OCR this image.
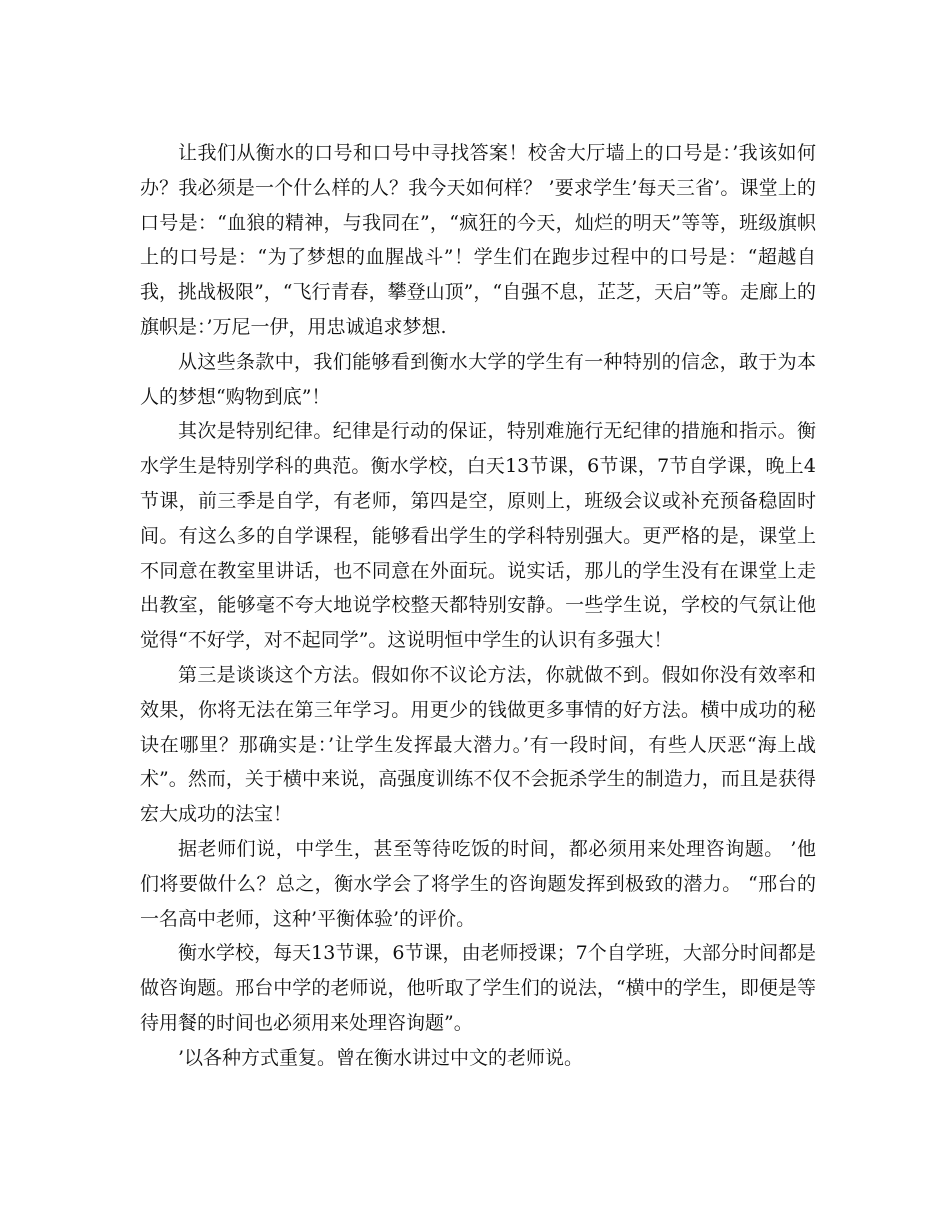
让我们从衡水的口号和口号中寻找答案！校舍大厅墙上的口号是：’我该如何办？我必须是一个什么样的人？我今天如何样？ ’要求学生’每天三省’。课堂上的口号是：“血狼的精神，与我同在”，“疯狂的今天，灿烂的明天”等等，班级旗帜上的口号是：“为了梦想的血腥战斗”！学生们在跑步过程中的口号是：“超越自我，挑战极限”，“飞行青春，攀登山顶”，“自强不息，芷芝，天启”等。走廊上的旗帜是：’万尼一伊，用忠诚追求梦想.

从这些条款中，我们能够看到衡水大学的学生有一种特别的信念，敢于为本人的梦想“购物到底”！

其次是特别纪律。纪律是行动的保证，特别难施行无纪律的措施和指示。衡水学生是特别学科的典范。衡水学校，白天13节课，6节课，7节自学课，晚上4节课，前三季是自学，有老师，第四是空，原则上，班级会议或补充预备稳固时间。有这么多的自学课程，能够看出学生的学科特别强大。更严格的是，课堂上不同意在教室里讲话，也不同意在外面玩。说实话，那儿的学生没有在课堂上走出教室，能够毫不夸大地说学校整天都特别安静。一些学生说，学校的气氛让他觉得“不好学，对不起同学”。这说明恒中学生的认识有多强大！

第三是谈谈这个方法。假如你不议论方法，你就做不到。假如你没有效率和效果，你将无法在第三年学习。用更少的钱做更多事情的好方法。横中成功的秘诀在哪里？那确实是：’让学生发挥最大潜力。’有一段时间，有些人厌恶“海上战术”。然而，关于横中来说，高强度训练不仅不会扼杀学生的制造力，而且是获得宏大成功的法宝！

据老师们说，中学生，甚至等待吃饭的时间，都必须用来处理咨询题。 ’他们将要做什么？总之，衡水学会了将学生的咨询题发挥到极致的潜力。 “邢台的一名高中老师，这种’平衡体验’的评价。

衡水学校，每天13节课，6节课，由老师授课；7个自学班，大部分时间都是做咨询题。邢台中学的老师说，他听取了学生们的说法，“横中的学生，即便是等待用餐的时间也必须用来处理咨询题”。

’以各种方式重复。曾在衡水讲过中文的老师说。
